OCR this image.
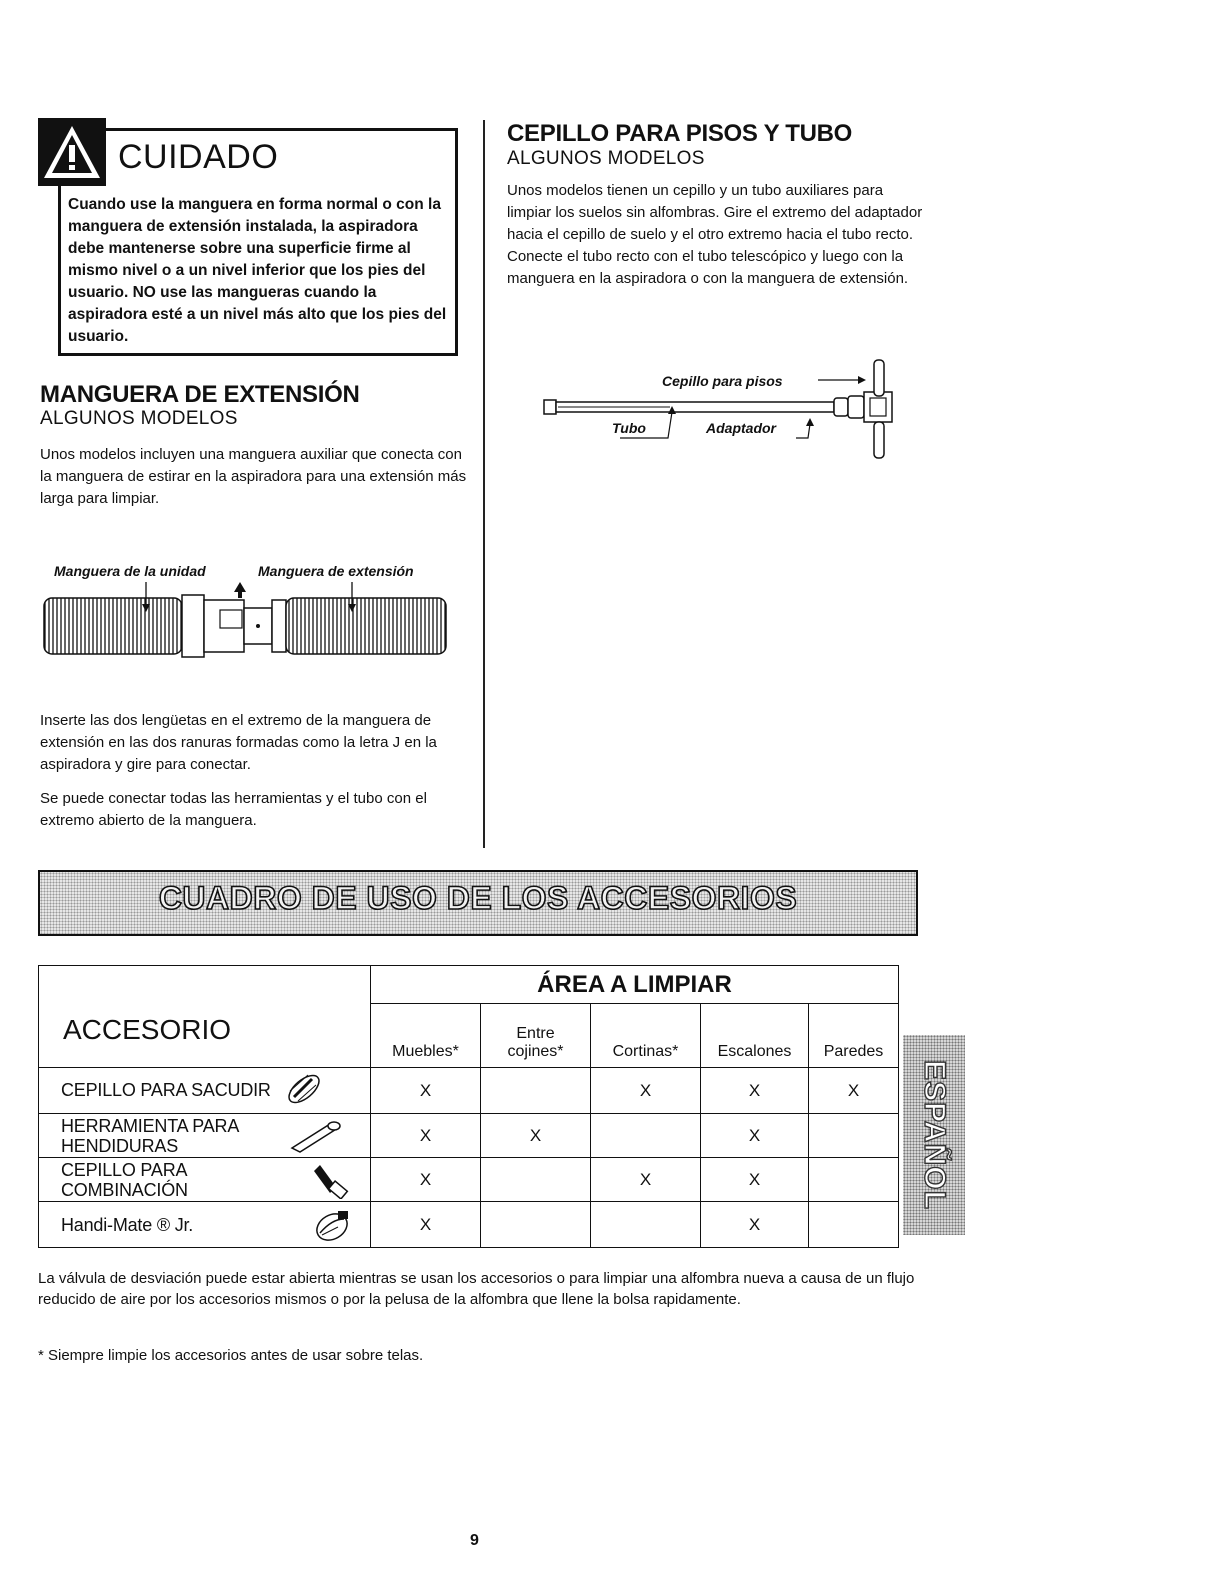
CUIDADO
Cuando use la manguera en forma normal o con la manguera de extensión instalada, la aspiradora debe mantenerse sobre una superficie firme al mismo nivel o a un nivel inferior que los pies del usuario. NO use las mangueras cuando la aspiradora esté a un nivel más alto que los pies del usuario.
MANGUERA DE EXTENSIÓN
ALGUNOS MODELOS
Unos modelos incluyen una manguera auxiliar que conecta con la manguera de estirar en la aspiradora para una extensión más larga para limpiar.
Manguera de la unidad	Manguera de extensión
Inserte las dos lengüetas en el extremo de la manguera de extensión en las dos ranuras formadas como la letra J en la aspiradora y gire para conectar.
Se puede conectar todas las herramientas y el tubo con el extremo abierto de la manguera.
CEPILLO PARA PISOS Y TUBO
ALGUNOS MODELOS
Unos modelos tienen un cepillo y un tubo auxiliares para limpiar los suelos sin alfombras. Gire el extremo del adaptador hacia el cepillo de suelo y el otro extremo hacia el tubo recto. Conecte el tubo recto con el tubo telescópico y luego con la manguera en la aspiradora o con la manguera de extensión.
Cepillo para pisos
Tubo	Adaptador
CUADRO DE USO DE LOS ACCESORIOS
ACCESORIO	ÁREA A LIMPIAR				
	Muebles*	Entre
cojines*	Cortinas*	Escalones	Paredes
CEPILLO PARA SACUDIR	X		X	X	X
HERRAMIENTA PARA HENDIDURAS	X	X		X	
CEPILLO PARA COMBINACIÓN	X		X	X	
Handi-Mate ® Jr.	X			X	
La válvula de desviación puede estar abierta mientras se usan los accesorios o para limpiar una alfombra nueva a causa de un flujo reducido de aire por los accesorios mismos o por la pelusa de la alfombra que llene la bolsa rapidamente.
* Siempre limpie los accesorios antes de usar sobre telas.
ESPAÑOL
9
